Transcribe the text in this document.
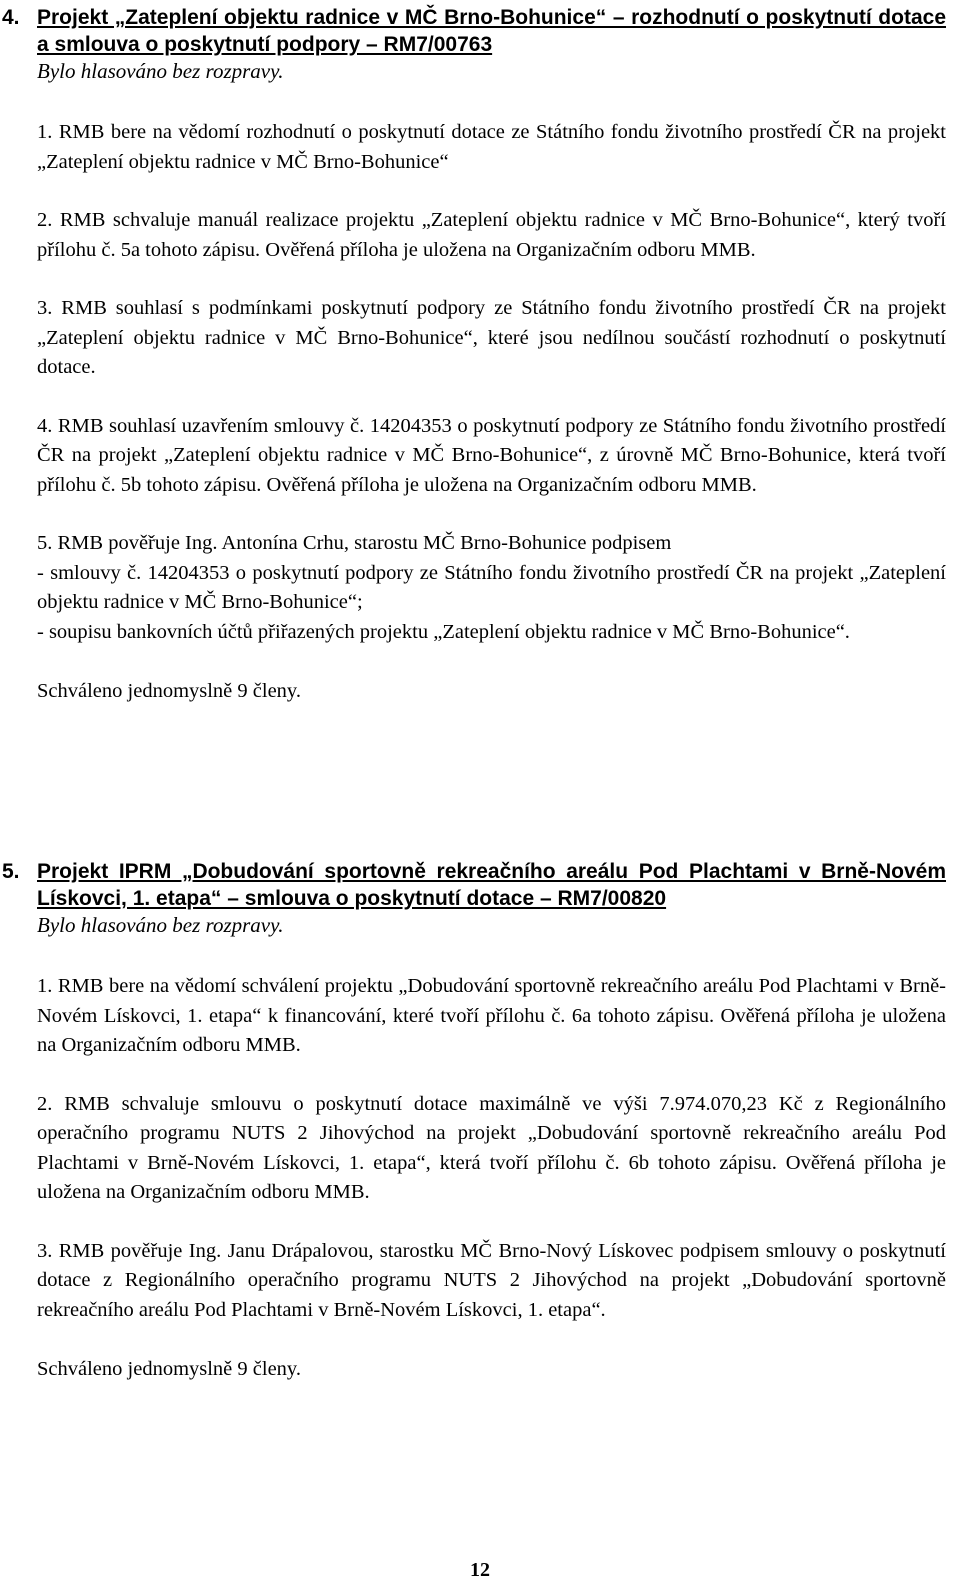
4. Projekt „Zateplení objektu radnice v MČ Brno-Bohunice“ – rozhodnutí o poskytnutí dotace a smlouva o poskytnutí podpory – RM7/00763
Bylo hlasováno bez rozpravy.
1. RMB bere na vědomí rozhodnutí o poskytnutí dotace ze Státního fondu životního prostředí ČR na projekt „Zateplení objektu radnice v MČ Brno-Bohunice“
2. RMB schvaluje manuál realizace projektu „Zateplení objektu radnice v MČ Brno-Bohunice“, který tvoří přílohu č. 5a tohoto zápisu. Ověřená příloha je uložena na Organizačním odboru MMB.
3. RMB souhlasí s podmínkami poskytnutí podpory ze Státního fondu životního prostředí ČR na projekt „Zateplení objektu radnice v MČ Brno-Bohunice“, které jsou nedílnou součástí rozhodnutí o poskytnutí dotace.
4. RMB souhlasí uzavřením smlouvy č. 14204353 o poskytnutí podpory ze Státního fondu životního prostředí ČR na projekt „Zateplení objektu radnice v MČ Brno-Bohunice“, z úrovně MČ Brno-Bohunice, která tvoří přílohu č. 5b tohoto zápisu. Ověřená příloha je uložena na Organizačním odboru MMB.
5. RMB pověřuje Ing. Antonína Crhu, starostu MČ Brno-Bohunice podpisem
- smlouvy č. 14204353 o poskytnutí podpory ze Státního fondu životního prostředí ČR na projekt „Zateplení objektu radnice v MČ Brno-Bohunice“;
- soupisu bankovních účtů přiřazených projektu „Zateplení objektu radnice v MČ Brno-Bohunice“.
Schváleno jednomyslně 9 členy.
5. Projekt IPRM „Dobudování sportovně rekreačního areálu Pod Plachtami v Brně-Novém Lískovci, 1. etapa“ – smlouva o poskytnutí dotace – RM7/00820
Bylo hlasováno bez rozpravy.
1. RMB bere na vědomí schválení projektu „Dobudování sportovně rekreačního areálu Pod Plachtami v Brně-Novém Lískovci, 1. etapa“ k financování, které tvoří přílohu č. 6a tohoto zápisu. Ověřená příloha je uložena na Organizačním odboru MMB.
2. RMB schvaluje smlouvu o poskytnutí dotace maximálně ve výši 7.974.070,23 Kč z Regionálního operačního programu NUTS 2 Jihovýchod na projekt „Dobudování sportovně rekreačního areálu Pod Plachtami v Brně-Novém Lískovci, 1. etapa“, která tvoří přílohu č. 6b tohoto zápisu. Ověřená příloha je uložena na Organizačním odboru MMB.
3. RMB pověřuje Ing. Janu Drápalovou, starostku MČ Brno-Nový Lískovec podpisem smlouvy o poskytnutí dotace z Regionálního operačního programu NUTS 2 Jihovýchod na projekt „Dobudování sportovně rekreačního areálu Pod Plachtami v Brně-Novém Lískovci, 1. etapa“.
Schváleno jednomyslně 9 členy.
12
